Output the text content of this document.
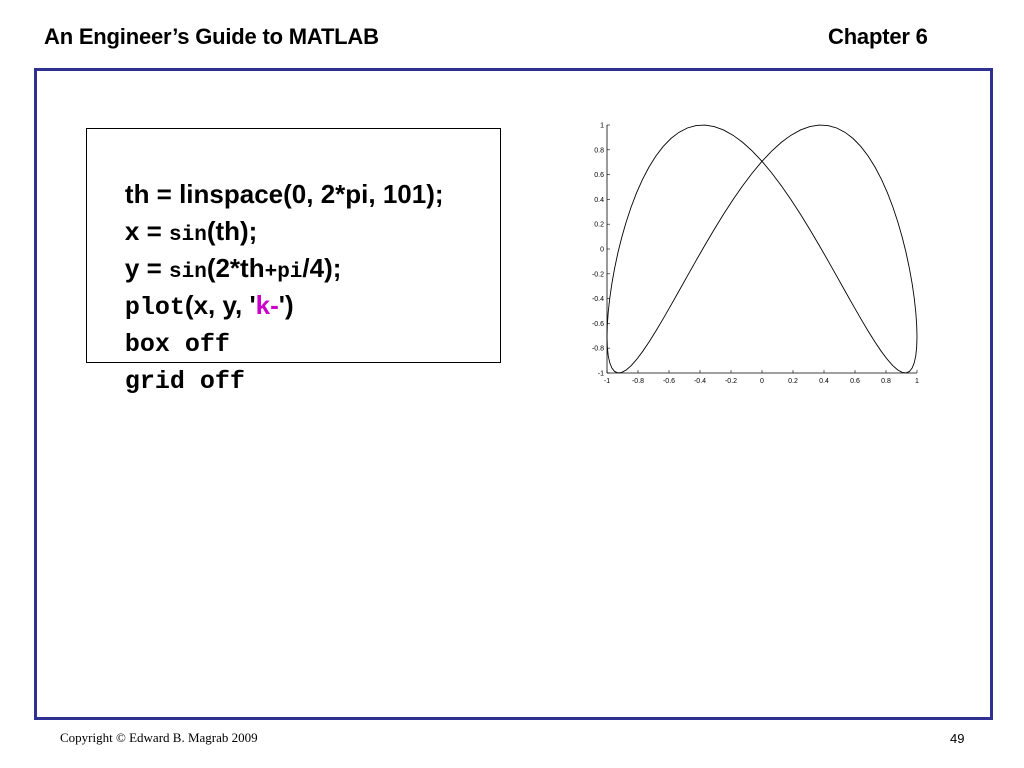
An Engineer’s Guide to MATLAB	Chapter 6

th = linspace(0, 2*pi, 101);

x = sin(th);

y = sin(2*th+pi/4);

plot(x, y, 'k-')

box off

grid off
	-1	-0.8	-0.6	-0.4	-0.2	0	0.2	0.4	0.6	0.8	1
-1
-0.8
-0.6
-0.4
-0.2
0
0.2
0.4
0.6
0.8
1
Copyright © Edward B. Magrab 2009	49
